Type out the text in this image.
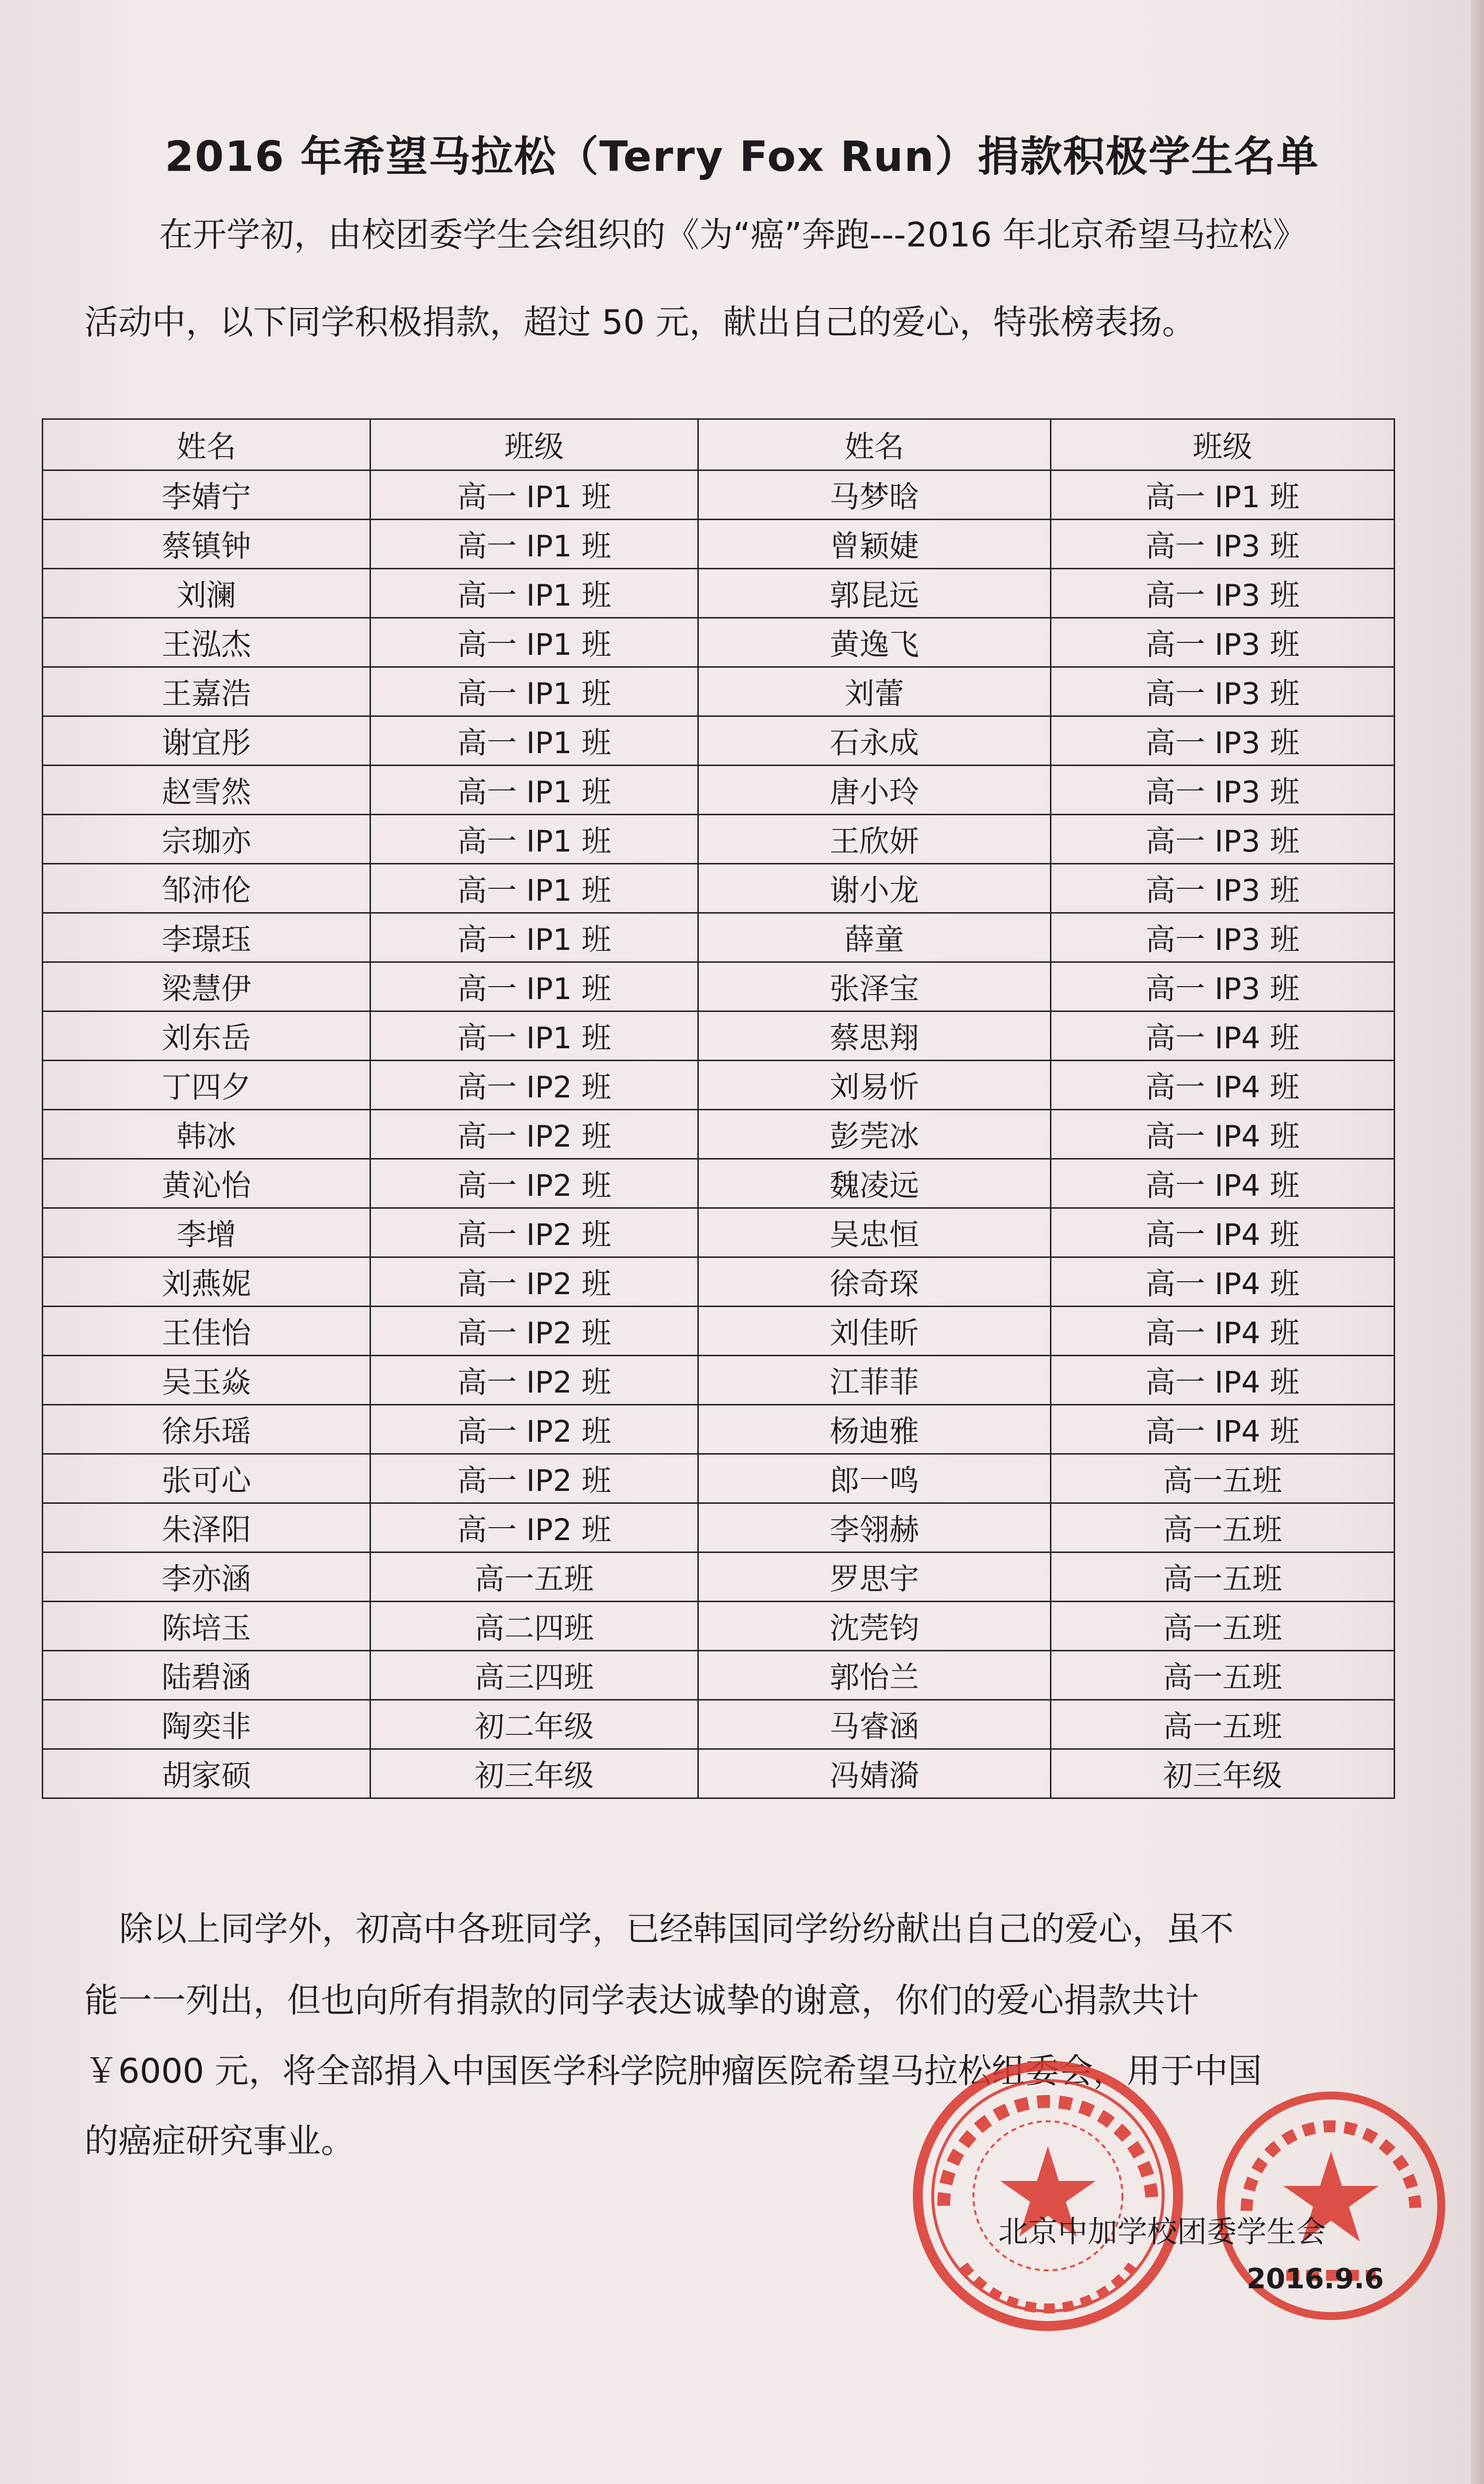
2016 年希望马拉松（Terry Fox Run）捐款积极学生名单
在开学初，由校团委学生会组织的《为“癌”奔跑---2016 年北京希望马拉松》
活动中，以下同学积极捐款，超过 50 元，献出自己的爱心，特张榜表扬。
姓名	班级	姓名	班级
李婧宁	高一 IP1 班	马梦晗	高一 IP1 班
蔡镇钟	高一 IP1 班	曾颖婕	高一 IP3 班
刘澜	高一 IP1 班	郭昆远	高一 IP3 班
王泓杰	高一 IP1 班	黄逸飞	高一 IP3 班
王嘉浩	高一 IP1 班	刘蕾	高一 IP3 班
谢宜彤	高一 IP1 班	石永成	高一 IP3 班
赵雪然	高一 IP1 班	唐小玲	高一 IP3 班
宗珈亦	高一 IP1 班	王欣妍	高一 IP3 班
邹沛伦	高一 IP1 班	谢小龙	高一 IP3 班
李璟珏	高一 IP1 班	薛童	高一 IP3 班
梁慧伊	高一 IP1 班	张泽宝	高一 IP3 班
刘东岳	高一 IP1 班	蔡思翔	高一 IP4 班
丁四夕	高一 IP2 班	刘易忻	高一 IP4 班
韩冰	高一 IP2 班	彭莞冰	高一 IP4 班
黄沁怡	高一 IP2 班	魏凌远	高一 IP4 班
李增	高一 IP2 班	吴忠恒	高一 IP4 班
刘燕妮	高一 IP2 班	徐奇琛	高一 IP4 班
王佳怡	高一 IP2 班	刘佳昕	高一 IP4 班
吴玉焱	高一 IP2 班	江菲菲	高一 IP4 班
徐乐瑶	高一 IP2 班	杨迪雅	高一 IP4 班
张可心	高一 IP2 班	郎一鸣	高一五班
朱泽阳	高一 IP2 班	李翎赫	高一五班
李亦涵	高一五班	罗思宇	高一五班
陈培玉	高二四班	沈莞钧	高一五班
陆碧涵	高三四班	郭怡兰	高一五班
陶奕非	初二年级	马睿涵	高一五班
胡家硕	初三年级	冯婧漪	初三年级
除以上同学外，初高中各班同学，已经韩国同学纷纷献出自己的爱心，虽不
能一一列出，但也向所有捐款的同学表达诚挚的谢意，你们的爱心捐款共计
￥6000 元，将全部捐入中国医学科学院肿瘤医院希望马拉松组委会，用于中国
的癌症研究事业。
北京中加学校团委学生会
2016.9.6
